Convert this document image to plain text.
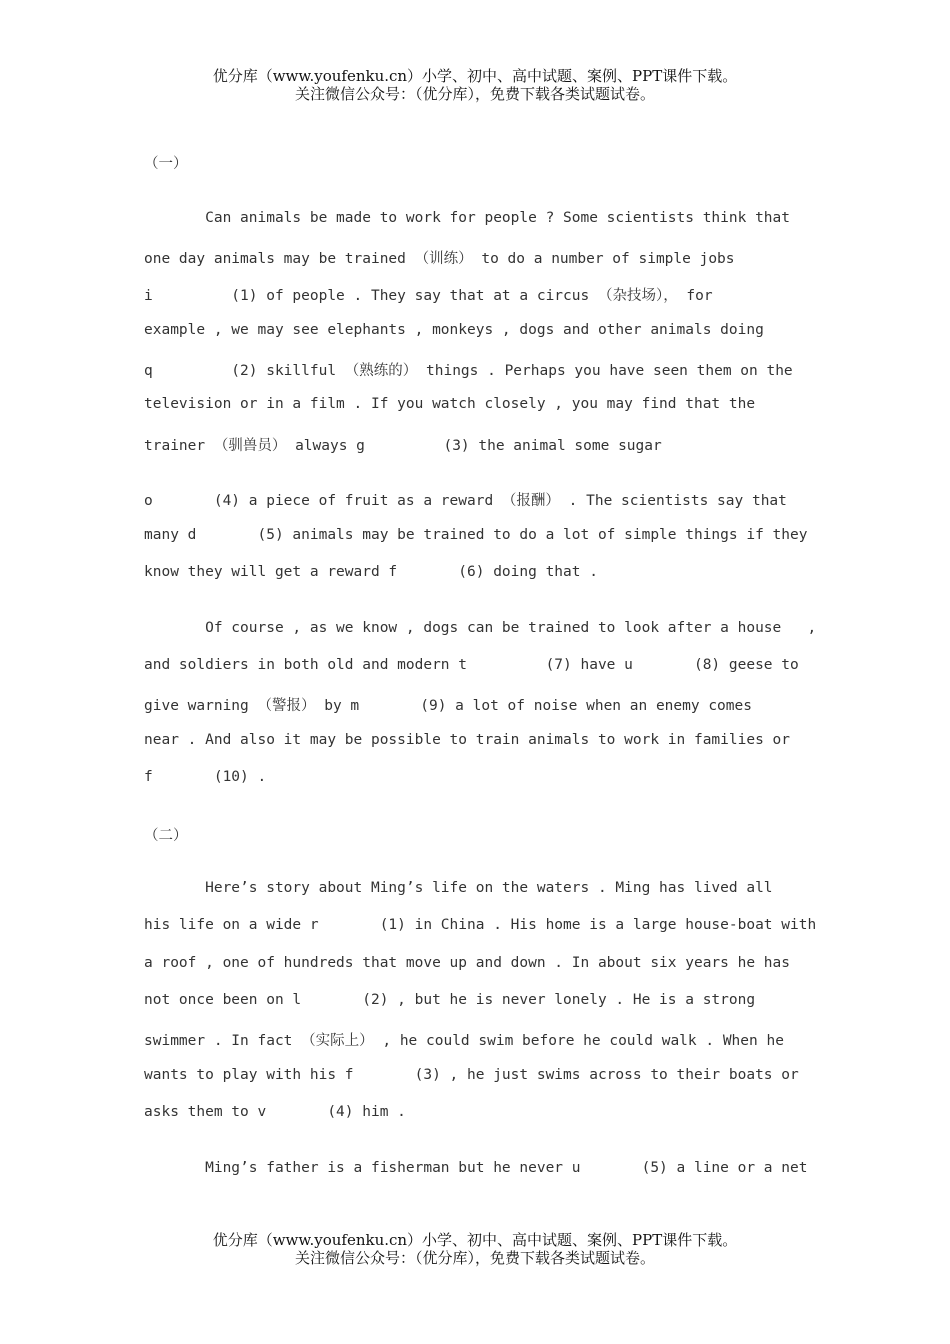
优分库（www.youfenku.cn）小学、初中、高中试题、案例、PPT课件下载。
关注微信公众号：（优分库），免费下载各类试题试卷。
（一）
Can animals be made to work for people ? Some scientists think that
one day animals may be trained （训练） to do a number of simple jobs
i         (1) of people . They say that at a circus （杂技场）， for
example , we may see elephants , monkeys , dogs and other animals doing
q         (2) skillful （熟练的） things . Perhaps you have seen them on the
television or in a film . If you watch closely , you may find that the
trainer （驯兽员） always g         (3) the animal some sugar
o       (4) a piece of fruit as a reward （报酬） . The scientists say that
many d       (5) animals may be trained to do a lot of simple things if they
know they will get a reward f       (6) doing that .
Of course , as we know , dogs can be trained to look after a house   ,
and soldiers in both old and modern t         (7) have u       (8) geese to
give warning （警报） by m       (9) a lot of noise when an enemy comes
near . And also it may be possible to train animals to work in families or
f       (10) .
（二）
Here’s story about Ming’s life on the waters . Ming has lived all
his life on a wide r       (1) in China . His home is a large house-boat with
a roof , one of hundreds that move up and down . In about six years he has
not once been on l       (2) , but he is never lonely . He is a strong
swimmer . In fact （实际上） , he could swim before he could walk . When he
wants to play with his f       (3) , he just swims across to their boats or
asks them to v       (4) him .
Ming’s father is a fisherman but he never u       (5) a line or a net
优分库（www.youfenku.cn）小学、初中、高中试题、案例、PPT课件下载。
关注微信公众号：（优分库），免费下载各类试题试卷。
